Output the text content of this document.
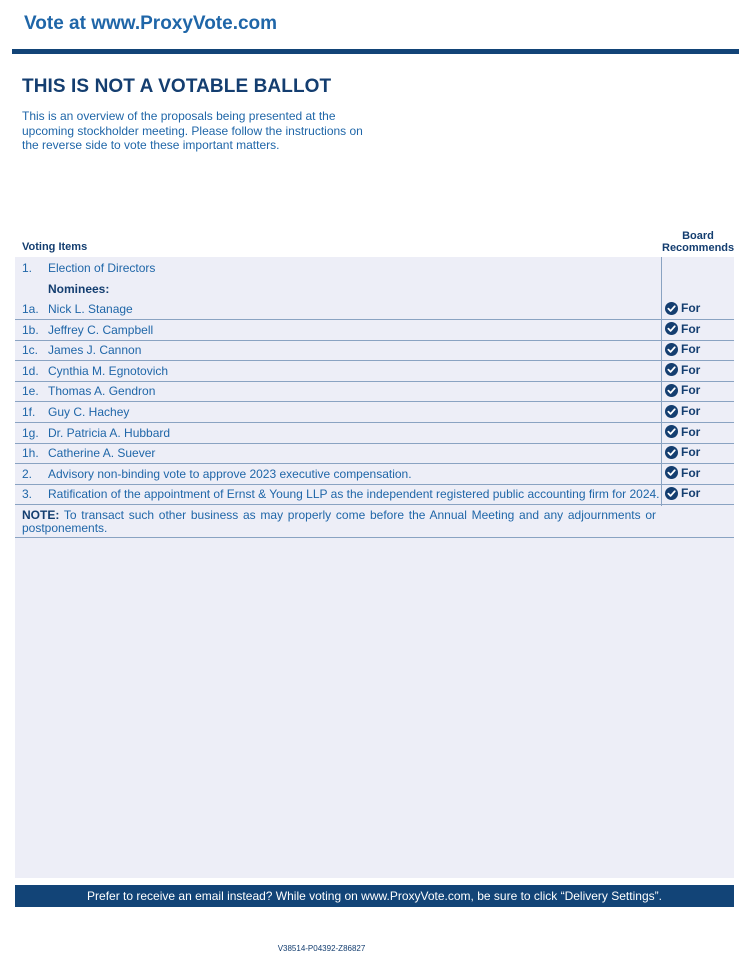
Vote at www.ProxyVote.com
THIS IS NOT A VOTABLE BALLOT
This is an overview of the proposals being presented at the upcoming stockholder meeting. Please follow the instructions on the reverse side to vote these important matters.
Voting Items
Board
Recommends
1. Election of Directors
Nominees:
1a. Nick L. Stanage	For
1b. Jeffrey C. Campbell	For
1c. James J. Cannon	For
1d. Cynthia M. Egnotovich	For
1e. Thomas A. Gendron	For
1f. Guy C. Hachey	For
1g. Dr. Patricia A. Hubbard	For
1h. Catherine A. Suever	For
2. Advisory non-binding vote to approve 2023 executive compensation.	For
3. Ratification of the appointment of Ernst & Young LLP as the independent registered public accounting firm for 2024. For
NOTE: To transact such other business as may properly come before the Annual Meeting and any adjournments or postponements.
Prefer to receive an email instead? While voting on www.ProxyVote.com, be sure to click “Delivery Settings”.
V38514-P04392-Z86827
